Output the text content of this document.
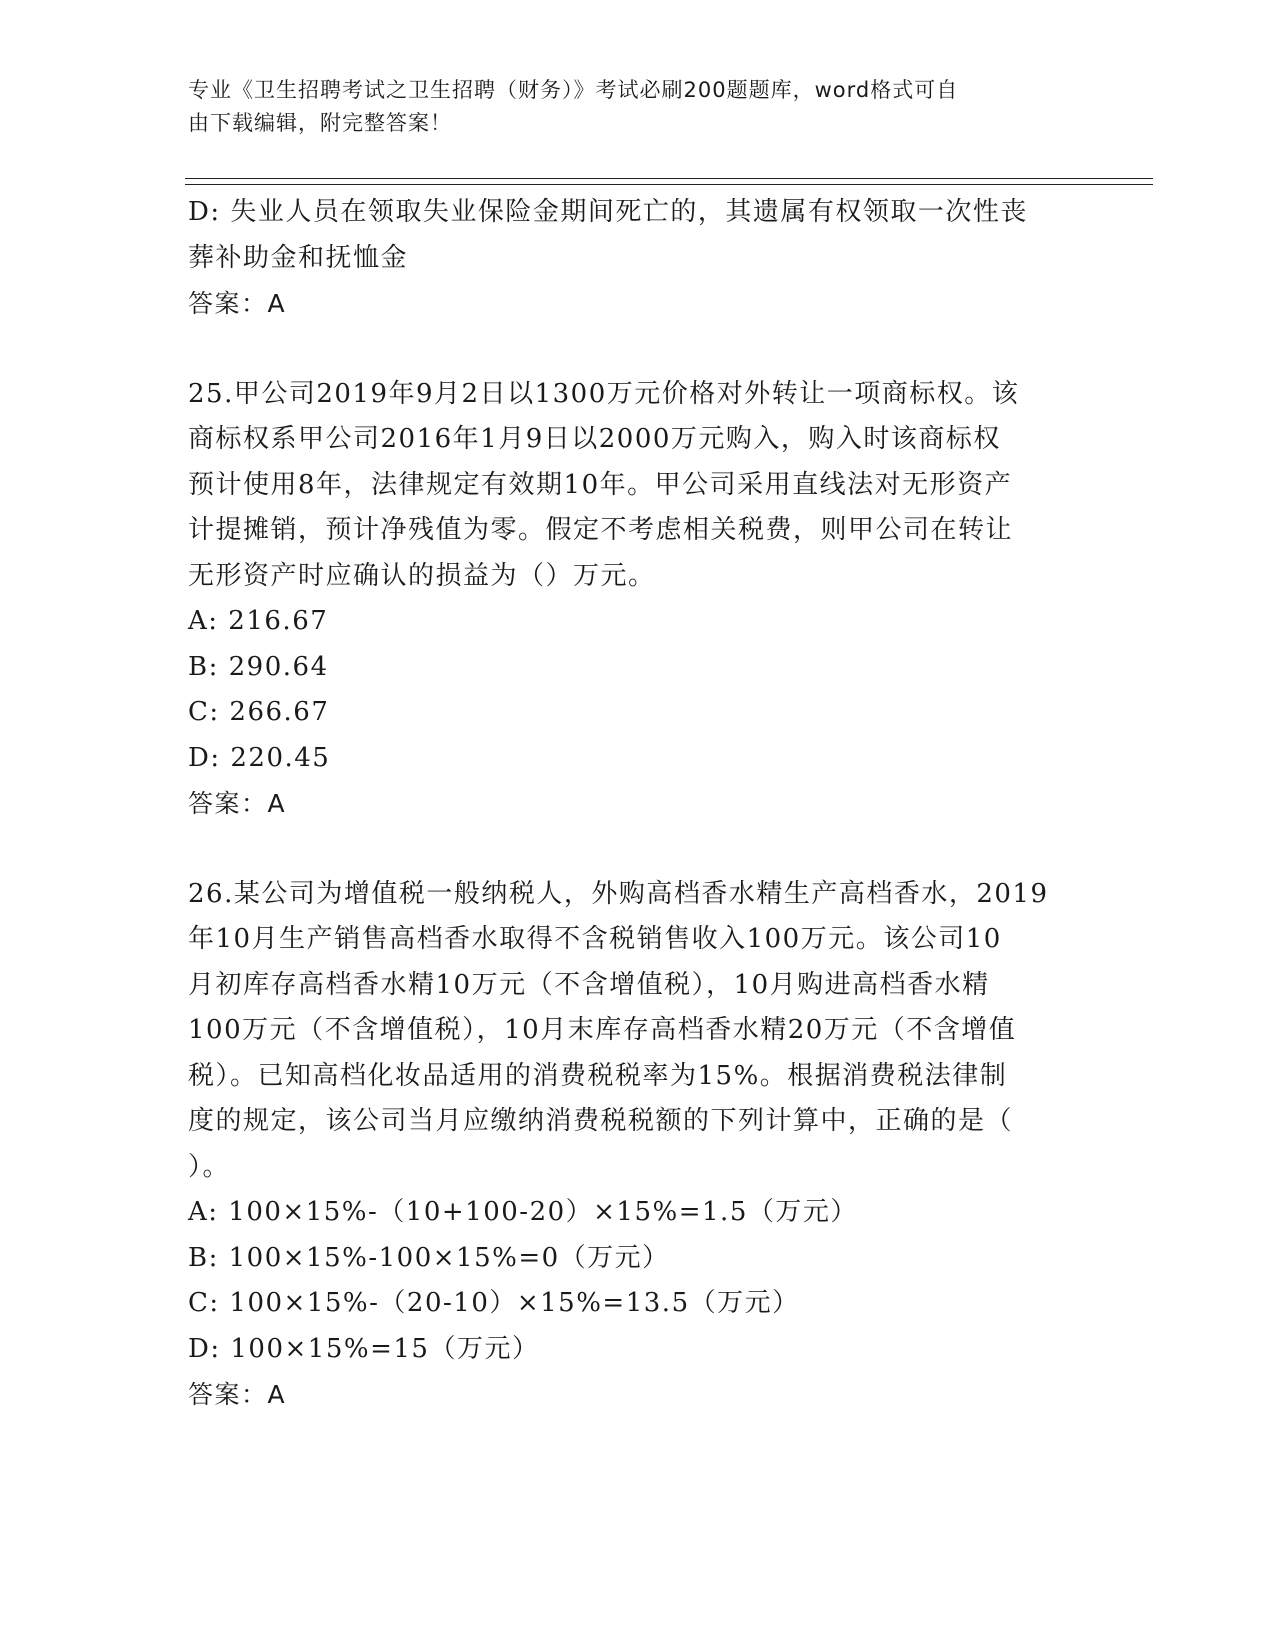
专业《卫生招聘考试之卫生招聘（财务）》考试必刷200题题库，word格式可自
由下载编辑，附完整答案！
D: 失业人员在领取失业保险金期间死亡的，其遗属有权领取一次性丧
葬补助金和抚恤金
答案：A
25.甲公司2019年9月2日以1300万元价格对外转让一项商标权。该
商标权系甲公司2016年1月9日以2000万元购入，购入时该商标权
预计使用8年，法律规定有效期10年。甲公司采用直线法对无形资产
计提摊销，预计净残值为零。假定不考虑相关税费，则甲公司在转让
无形资产时应确认的损益为（）万元。
A: 216.67
B: 290.64
C: 266.67
D: 220.45
答案：A
26.某公司为增值税一般纳税人，外购高档香水精生产高档香水，2019
年10月生产销售高档香水取得不含税销售收入100万元。该公司10
月初库存高档香水精10万元（不含增值税），10月购进高档香水精
100万元（不含增值税），10月末库存高档香水精20万元（不含增值
税）。已知高档化妆品适用的消费税税率为15%。根据消费税法律制
度的规定，该公司当月应缴纳消费税税额的下列计算中，正确的是（
）。
A: 100×15%-（10+100-20）×15%=1.5（万元）
B: 100×15%-100×15%=0（万元）
C: 100×15%-（20-10）×15%=13.5（万元）
D: 100×15%=15（万元）
答案：A
